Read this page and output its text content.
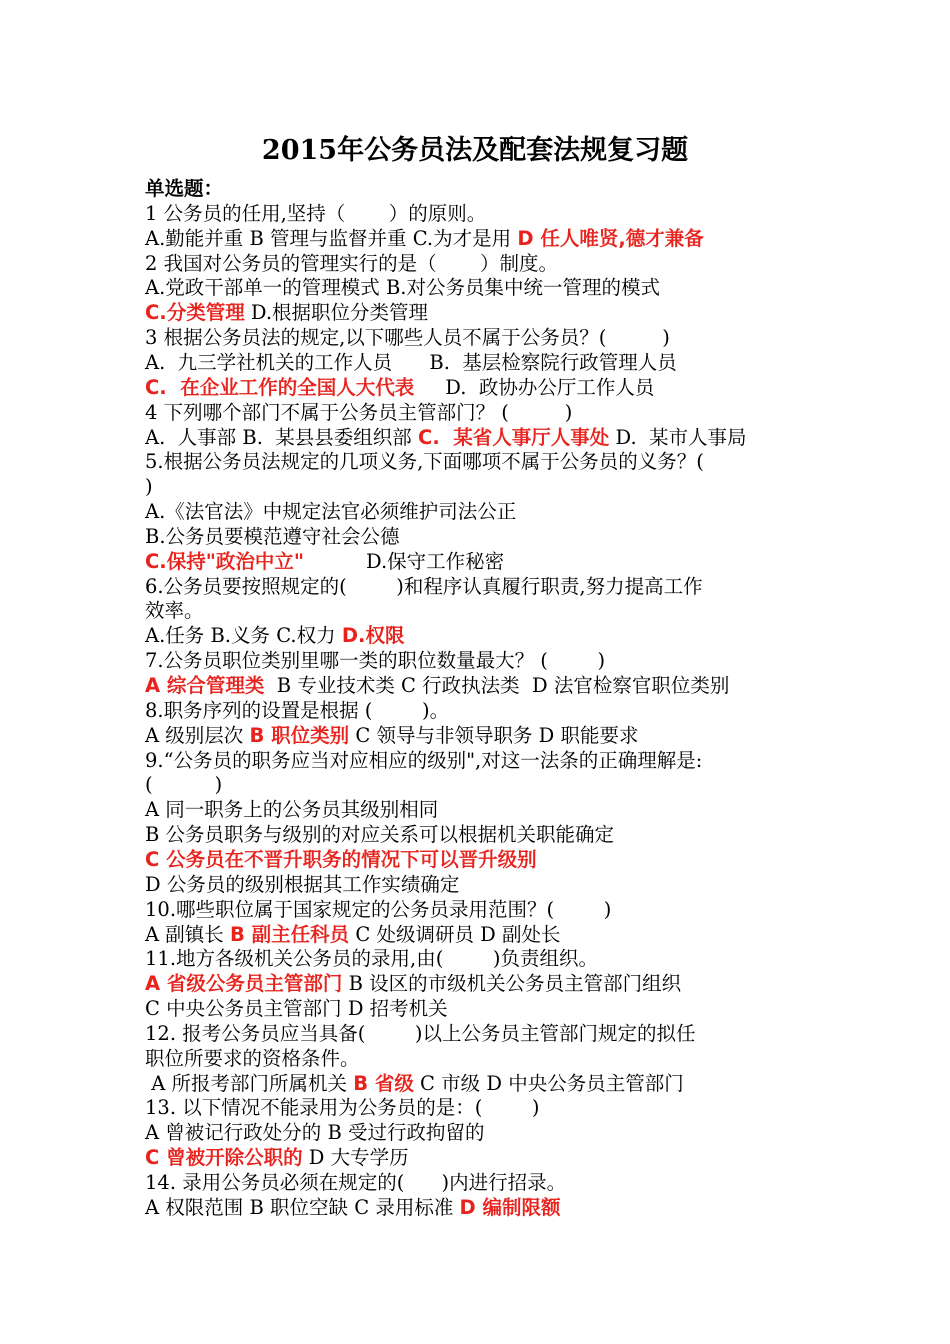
2015年公务员法及配套法规复习题
单选题：
1 公务员的任用,坚持（       ）的原则。
A.勤能并重 B 管理与监督并重 C.为才是用 D 任人唯贤,德才兼备
2 我国对公务员的管理实行的是（       ）制度。
A.党政干部单一的管理模式 B.对公务员集中统一管理的模式
C.分类管理 D.根据职位分类管理
3 根据公务员法的规定,以下哪些人员不属于公务员？(         )
A.  九三学社机关的工作人员      B.  基层检察院行政管理人员
C.  在企业工作的全国人大代表     D.  政协办公厅工作人员
4 下列哪个部门不属于公务员主管部门？ (         )
A.  人事部 B.  某县县委组织部 C.  某省人事厅人事处 D.  某市人事局
5.根据公务员法规定的几项义务,下面哪项不属于公务员的义务？(
)
A.《法官法》中规定法官必须维护司法公正
B.公务员要模范遵守社会公德
C.保持"政治中立"          D.保守工作秘密
6.公务员要按照规定的(        )和程序认真履行职责,努力提高工作
效率。
A.任务 B.义务 C.权力 D.权限
7.公务员职位类别里哪一类的职位数量最大？ (        )
A 综合管理类  B 专业技术类 C 行政执法类  D 法官检察官职位类别
8.职务序列的设置是根据 (        )。
A 级别层次 B 职位类别 C 领导与非领导职务 D 职能要求
9.“公务员的职务应当对应相应的级别",对这一法条的正确理解是:
(          )
A 同一职务上的公务员其级别相同
B 公务员职务与级别的对应关系可以根据机关职能确定
C 公务员在不晋升职务的情况下可以晋升级别
D 公务员的级别根据其工作实绩确定
10.哪些职位属于国家规定的公务员录用范围？(        )
A 副镇长 B 副主任科员 C 处级调研员 D 副处长
11.地方各级机关公务员的录用,由(        )负责组织。
A 省级公务员主管部门 B 设区的市级机关公务员主管部门组织
C 中央公务员主管部门 D 招考机关
12. 报考公务员应当具备(        )以上公务员主管部门规定的拟任
职位所要求的资格条件。
A 所报考部门所属机关 B 省级 C 市级 D 中央公务员主管部门
13. 以下情况不能录用为公务员的是：(        )
A 曾被记行政处分的 B 受过行政拘留的
C 曾被开除公职的 D 大专学历
14. 录用公务员必须在规定的(      )内进行招录。
A 权限范围 B 职位空缺 C 录用标准 D 编制限额
